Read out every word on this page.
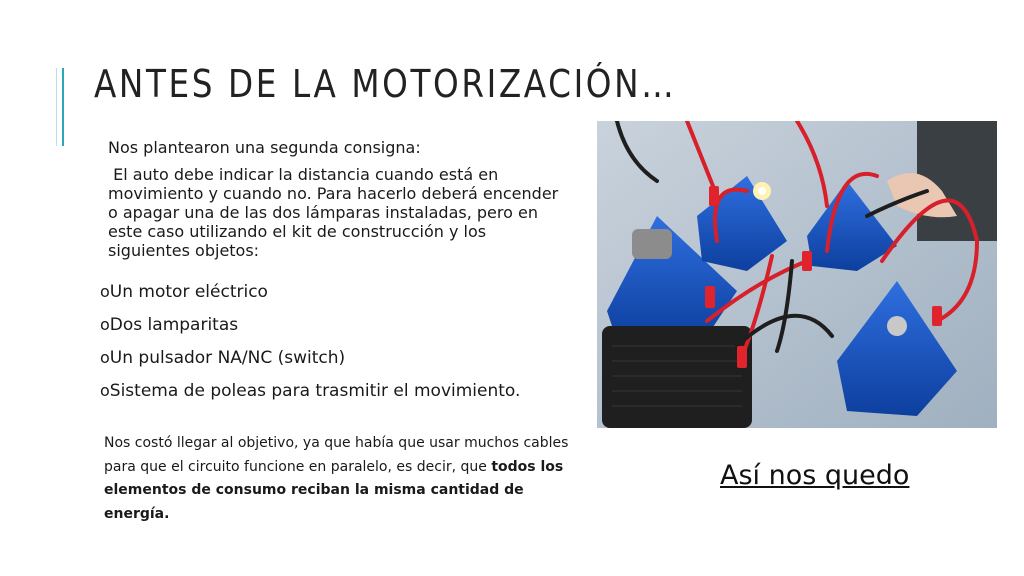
ANTES DE LA MOTORIZACIÓN…

Nos plantearon una segunda consigna:

El auto debe indicar la distancia cuando está en movimiento y cuando no. Para hacerlo deberá encender o apagar una de las dos lámparas instaladas, pero en este caso utilizando el kit de construcción y los siguientes objetos:

oUn motor eléctrico
oDos lamparitas
oUn pulsador NA/NC (switch)
oSistema de poleas para trasmitir el movimiento.
Nos costó llegar al objetivo, ya que había que usar muchos cables para que el circuito funcione en paralelo, es decir, que todos los elementos de consumo reciban la misma cantidad de energía.
Así nos quedo
